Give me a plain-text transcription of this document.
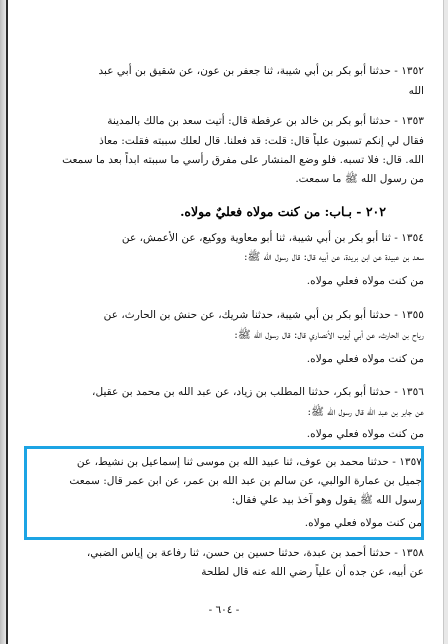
١٣٥٢ - حدثنا أبو بكر بن أبي شيبة، ثنا جعفر بن عون، عن شقيق بن أبي عبد
الله
١٣٥٣ - حدثنا أبو بكر بن خالد بن عرفطة قال: أتيت سعد بن مالك بالمدينة
فقال لي إنكم تسبون علياً قال: قلت: قد فعلنا. قال لعلك سببته فقلت: معاذ
الله. قال: فلا تسبه. فلو وضع المنشار على مفرق رأسي ما سببته ابداً بعد ما سمعت
من رسول الله ﷺ ما سمعت.
٢٠٢ - بـاب: من كنت مولاه فعليٌ مولاه.
١٣٥٤ - ثنا أبو بكر بن أبي شيبة، ثنا أبو معاوية ووكيع، عن الأعمش، عن
سعد بن عبيدة عن ابن بريدة، عن أبيه قال: قال رسول الله ﷺ:
من كنت مولاه فعلي مولاه.
١٣٥٥ - حدثنا أبو بكر بن أبي شيبة، حدثنا شريك، عن حنش بن الحارث، عن
رياح بن الحارث، عن أبي أيوب الأنصاري قال: قال رسول الله ﷺ:
من كنت مولاه فعلي مولاه.
١٣٥٦ - حدثنا أبو بكر، حدثنا المطلب بن زياد، عن عبد الله بن محمد بن عقيل،
عن جابر بن عبد الله قال رسول الله ﷺ:
من كنت مولاه فعلي مولاه.
١٣٥٧ - حدثنا محمد بن عوف، ثنا عبيد الله بن موسى ثنا إسماعيل بن نشيط، عن
جميل بن عمارة الوالبي، عن سالم بن عبد الله بن عمر، عن ابن عمر قال: سمعت
رسول الله ﷺ يقول وهو آخذ بيد علي فقال:
من كنت مولاه فعلي مولاه.
١٣٥٨ - حدثنا أحمد بن عبدة، حدثنا حسين بن حسن، ثنا رفاعة بن إياس الضبي،
عن أبيه، عن جده أن علياً رضي الله عنه قال لطلحة
- ٦٠٤ -
